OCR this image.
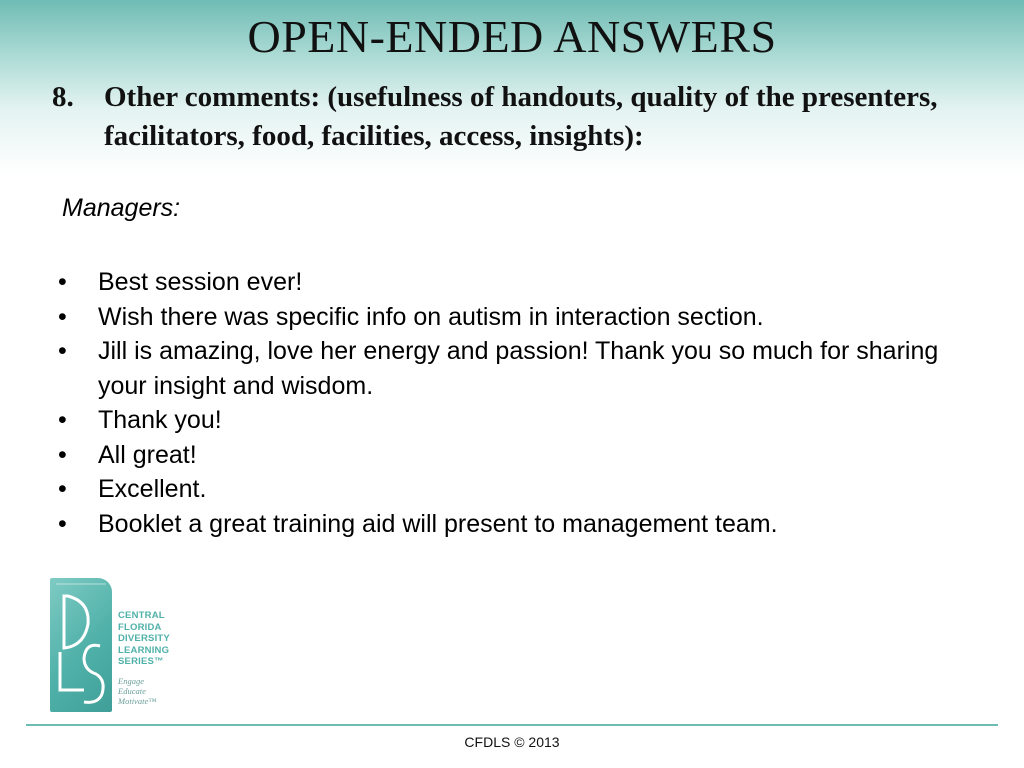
OPEN-ENDED ANSWERS
8. Other comments: (usefulness of handouts, quality of the presenters, facilitators, food, facilities, access, insights):
Managers:
• Best session ever!
• Wish there was specific info on autism in interaction section.
• Jill is amazing, love her energy and passion! Thank you so much for sharing your insight and wisdom.
• Thank you!
• All great!
• Excellent.
• Booklet a great training aid will present to management team.
CENTRAL
FLORIDA
DIVERSITY
LEARNING
SERIES™
Engage
Educate
Motivate™
CFDLS © 2013
